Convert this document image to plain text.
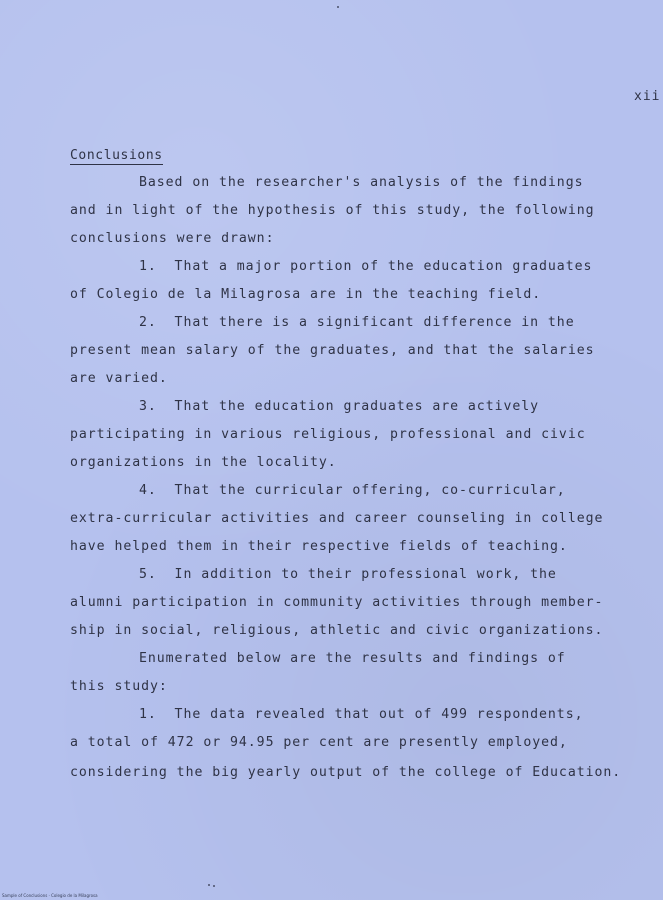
xii
Conclusions
Based on the researcher's analysis of the findings
and in light of the hypothesis of this study, the following
conclusions were drawn:
1.  That a major portion of the education graduates
of Colegio de la Milagrosa are in the teaching field.
2.  That there is a significant difference in the
present mean salary of the graduates, and that the salaries
are varied.
3.  That the education graduates are actively
participating in various religious, professional and civic
organizations in the locality.
4.  That the curricular offering, co-curricular,
extra-curricular activities and career counseling in college
have helped them in their respective fields of teaching.
5.  In addition to their professional work, the
alumni participation in community activities through member-
ship in social, religious, athletic and civic organizations.
Enumerated below are the results and findings of
this study:
1.  The data revealed that out of 499 respondents,
a total of 472 or 94.95 per cent are presently employed,
considering the big yearly output of the college of Education.
Sample of Conclusions · Colegio de la Milagrosa
